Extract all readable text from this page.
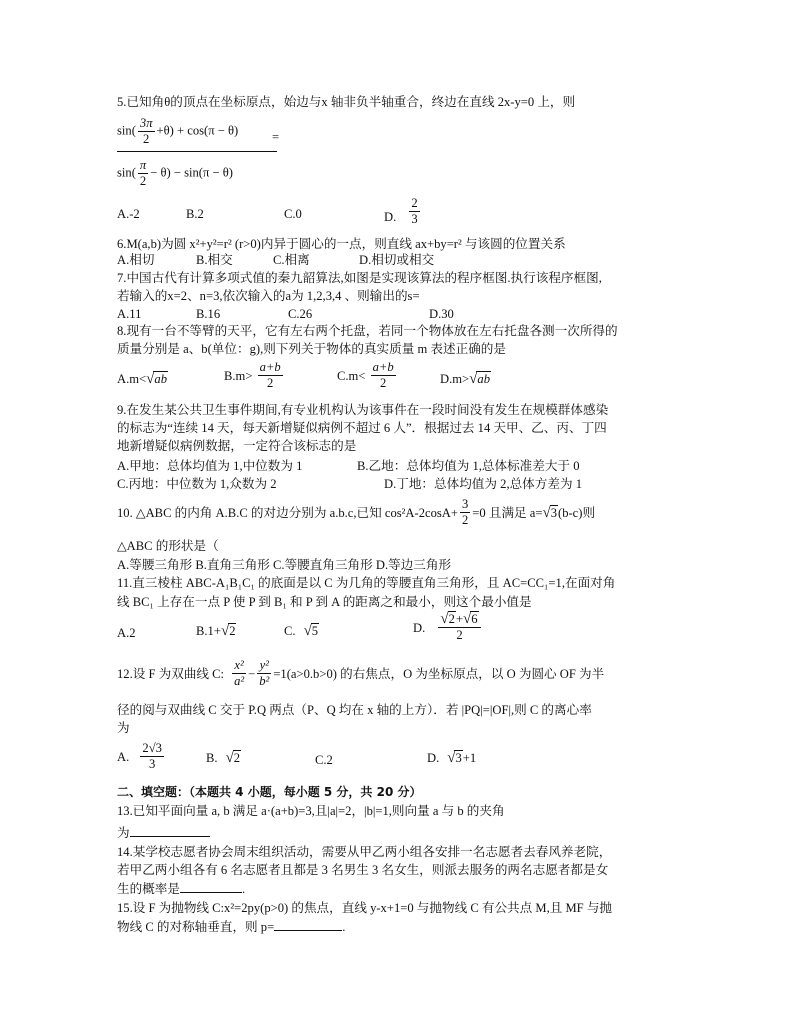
5.已知角θ的顶点在坐标原点，始边与x 轴非负半轴重合，终边在直线 2x-y=0 上，则
$\frac{\sin( \frac{3\pi}{2} +\theta) + \cos(\pi - \theta)}{\sin( \frac{\pi}{2} - \theta) - \sin(\pi - \theta)}$
=
A.-2	B.2	C.0	D. $\frac{2}{3}$
6.M(a,b)为圆 x²+y²=r² (r>0)内异于圆心的一点，则直线 ax+by=r² 与该圆的位置关系
A.相切	B.相交	C.相离	D.相切或相交
7.中国古代有计算多项式值的秦九韶算法,如图是实现该算法的程序框图.执行该程序框图,
若输入的x=2、n=3,依次输入的a为 1,2,3,4 、则输出的s=
A.11	B.16	C.26	D.30
8.现有一台不等臂的天平，它有左右两个托盘，若同一个物体放在左右托盘各测一次所得的
质量分别是 a、b(单位：g),则下列关于物体的真实质量 m 表述正确的是
A.m<√ab	$B.m> \frac{a+b}{2}$	$C.m< \frac{a+b}{2}$	D.m>√ab
9.在发生某公共卫生事件期间,有专业机构认为该事件在一段时间没有发生在规模群体感染
的标志为“连续 14 天，每天新增疑似病例不超过 6 人”．根据过去 14 天甲、乙、丙、丁四
地新增疑似病例数据，一定符合该标志的是
A.甲地：总体均值为 1,中位数为 1	B.乙地：总体均值为 1,总体标准差大于 0
C.丙地：中位数为 1,众数为 2	D.丁地：总体均值为 2,总体方差为 1
10. △ABC 的内角 A.B.C 的对边分别为 a.b.c,已知 $\cos^2A-2\cos A+ \frac{3}{2} =0$ 且满足 a=√3(b-c)则
△ABC 的形状是（
A.等腰三角形 B.直角三角形 C.等腰直角三角形 D.等边三角形
11.直三棱柱 ABC-A₁B₁C₁ 的底面是以 C 为几角的等腰直角三角形，且 AC=CC₁=1,在面对角
线 BC₁ 上存在一点 P 使 P 到 B₁ 和 P 到 A 的距离之和最小，则这个最小值是
A.2	B.1+√2	C. √5	D. $\frac{√2+√6}{2}$
12.设 F 为双曲线 C: $\frac{\text{x²}}{\text{a²}} - \frac{\text{y²}}{\text{b²}} =1(a>0.b>0)$ 的右焦点，O 为坐标原点，以 O 为圆心 OF 为半
径的阅与双曲线 C 交于 P.Q 两点（P、Q 均在 x 轴的上方）．若 |PQ|=|OF|,则 C 的离心率
为
A. $\frac{2√3}{3}$	B. √2	C.2	D. √3+1
二、填空题：（本题共 4 小题，每小题 5 分，共 20 分）
13.已知平面向量 a, b 满足 a·(a+b)=3,且|a|=2，|b|=1,则向量 a 与 b 的夹角
为
14.某学校志愿者协会周末组织活动，需要从甲乙两小组各安排一名志愿者去春风养老院，
若甲乙两小组各有 6 名志愿者且都是 3 名男生 3 名女生，则派去服务的两名志愿者都是女
生的概率是	.
15.设 F 为抛物线 C:x²=2py(p>0) 的焦点，直线 y-x+1=0 与抛物线 C 有公共点 M,且 MF 与抛
物线 C 的对称轴垂直，则 p=	.
